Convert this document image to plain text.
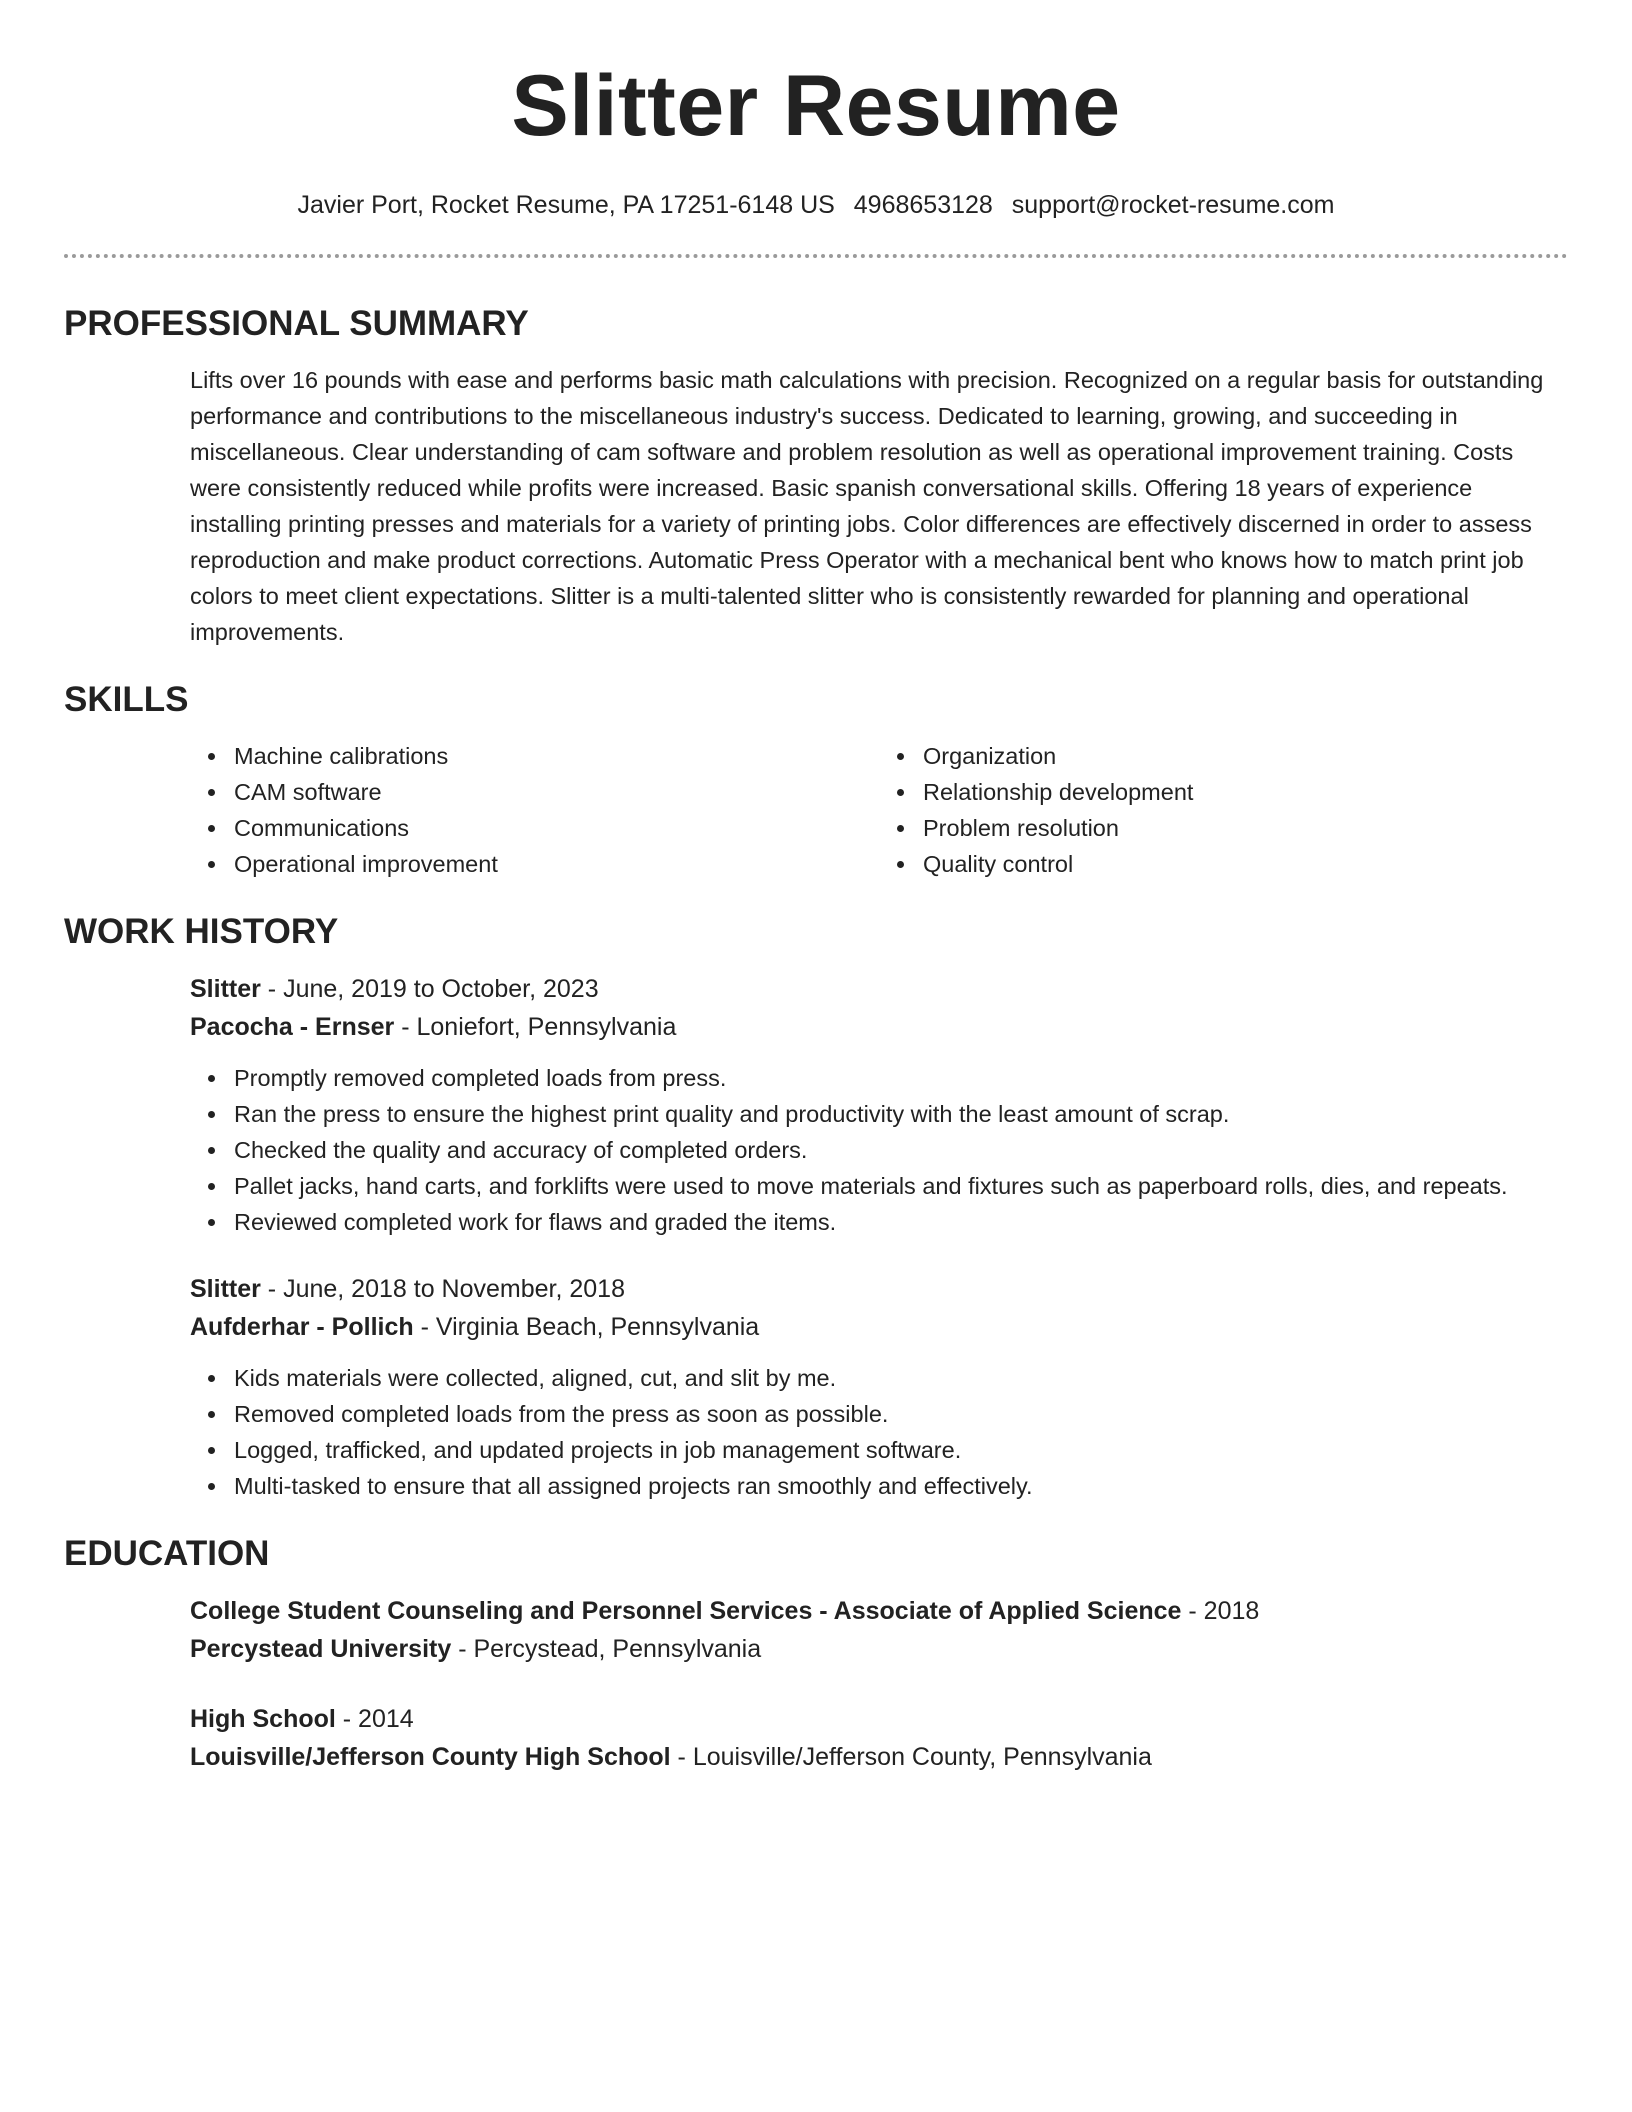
Slitter Resume
Javier Port, Rocket Resume, PA 17251-6148 US 4968653128 support@rocket-resume.com
PROFESSIONAL SUMMARY

Lifts over 16 pounds with ease and performs basic math calculations with precision. Recognized on a regular basis for outstanding performance and contributions to the miscellaneous industry's success. Dedicated to learning, growing, and succeeding in miscellaneous. Clear understanding of cam software and problem resolution as well as operational improvement training. Costs were consistently reduced while profits were increased. Basic spanish conversational skills. Offering 18 years of experience installing printing presses and materials for a variety of printing jobs. Color differences are effectively discerned in order to assess reproduction and make product corrections. Automatic Press Operator with a mechanical bent who knows how to match print job colors to meet client expectations. Slitter is a multi-talented slitter who is consistently rewarded for planning and operational improvements.

SKILLS
Machine calibrations
CAM software
Communications
Operational improvement
Organization
Relationship development
Problem resolution
Quality control
WORK HISTORY

Slitter - June, 2019 to October, 2023

Pacocha - Ernser - Loniefort, Pennsylvania

Promptly removed completed loads from press.
Ran the press to ensure the highest print quality and productivity with the least amount of scrap.
Checked the quality and accuracy of completed orders.
Pallet jacks, hand carts, and forklifts were used to move materials and fixtures such as paperboard rolls, dies, and repeats.
Reviewed completed work for flaws and graded the items.

Slitter - June, 2018 to November, 2018

Aufderhar - Pollich - Virginia Beach, Pennsylvania

Kids materials were collected, aligned, cut, and slit by me.
Removed completed loads from the press as soon as possible.
Logged, trafficked, and updated projects in job management software.
Multi-tasked to ensure that all assigned projects ran smoothly and effectively.
EDUCATION

College Student Counseling and Personnel Services - Associate of Applied Science - 2018

Percystead University - Percystead, Pennsylvania

High School - 2014

Louisville/Jefferson County High School - Louisville/Jefferson County, Pennsylvania
